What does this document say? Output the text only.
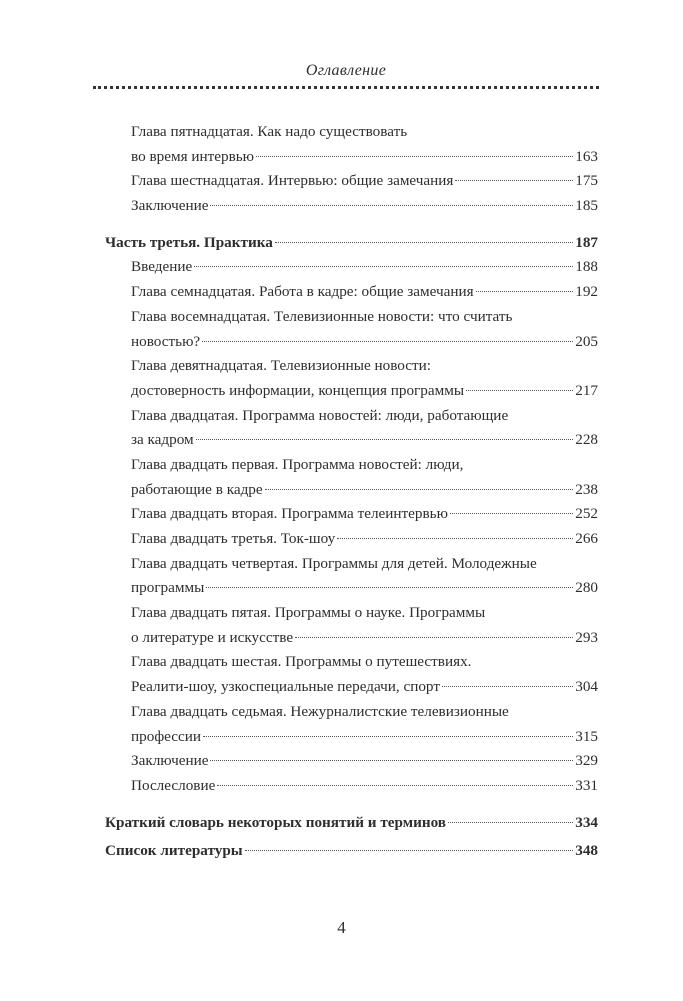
Оглавление
Глава пятнадцатая. Как надо существовать
во время интервью	163
Глава шестнадцатая. Интервью: общие замечания	175
Заключение	185
Часть третья. Практика	187
Введение	188
Глава семнадцатая. Работа в кадре: общие замечания	192
Глава восемнадцатая. Телевизионные новости: что считать
новостью?	205
Глава девятнадцатая. Телевизионные новости:
достоверность информации, концепция программы	217
Глава двадцатая. Программа новостей: люди, работающие
за кадром	228
Глава двадцать первая. Программа новостей: люди,
работающие в кадре	238
Глава двадцать вторая. Программа телеинтервью	252
Глава двадцать третья. Ток-шоу	266
Глава двадцать четвертая. Программы для детей. Молодежные
программы	280
Глава двадцать пятая. Программы о науке. Программы
о литературе и искусстве	293
Глава двадцать шестая. Программы о путешествиях.
Реалити-шоу, узкоспециальные передачи, спорт	304
Глава двадцать седьмая. Нежурналистские телевизионные
профессии	315
Заключение	329
Послесловие	331
Краткий словарь некоторых понятий и терминов	334
Список литературы	348
4
